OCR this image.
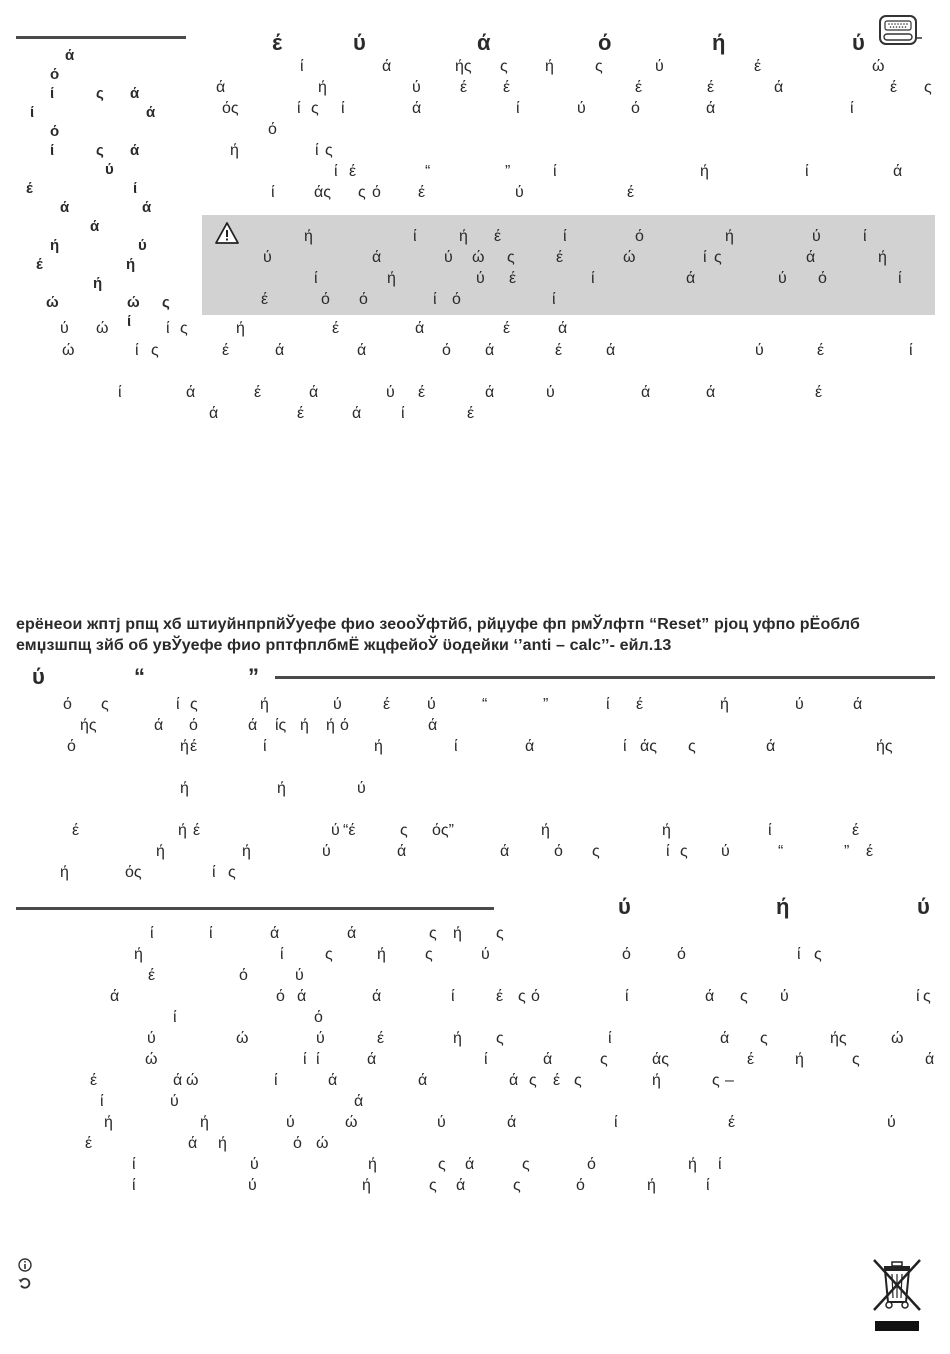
έ	ύ	ά	ό	ή	ύ
ά
ό
ί	ς ά
ί	ά
ό
ί	ς ά
ύ
έ	ί
ά	ά
ά
ή	ύ
έ	ή
ή
ώ	ώ ς
ί
ί	ά	ής ς ή	ς	ύ	έ	ώ
ά	ή	ύ έ έ	έ	έ	ά	έ ς
ός	ί ς ί	ά	ί	ύ	ό	ά	ί
ό
ή	ί ς
ί έ	“	”	ί	ή	ί	ά
ί άς ς ό έ	ύ	έ
ή	ί	ή έ	ί	ό	ή	ύ	ί
ύ	ά	ύ ώ ς	έ	ώ	ί ς	ά	ή
ί	ή	ύ έ	ί	ά	ύ ό	ί
έ	ό ό	ί ό	ί
ύ ώ	ί ς	ή	έ	ά	έ	ά
ώ	ί ς	έ	ά	ά	ό ά	έ	ά	ύ	έ	ί
ί	ά	έ	ά	ύ έ	ά	ύ	ά	ά	έ
ά	έ	ά ί	έ
ерёнеои жптј рпщ хб штиуйнпрпйЎуефе фио зеооЎфтйб, рйџуфе фп рмЎлфтп “Reset” рјоц уфпо рЁоблб
емџзшпщ зйб об увЎуефе фио рптфплбмЁ жцфейоЎ ϋодейки ‘’anti – calc’’- ейл.13
ύ	“	”
ό ς	ί ς	ή	ύ	έ ύ	“	”	ί έ	ή	ύ	ά
ής	ά ό	ά ίς ή ή ό	ά
ό	ή έ	ί	ή	ί	ά	ί άς ς	ά	ής
ή	ή	ύ
έ	ή έ	ύ “έ	ς ός”	ή	ή	ί	έ
ή	ή	ύ	ά	ά	ό ς	ί ς ύ	“	” έ
ή	ός	ί ς
ύ	ή	ύ
ί	ί	ά	ά	ς ή ς
ή	ί	ς	ή ς	ύ	ό	ό	ί ς
έ	ό	ύ
ά	ό ά	ά	ί	έ ς ό	ί	ά ς ύ	ί ς
ί	ό
ύ	ώ	ύ	έ	ή ς	ί	ά ς	ής	ώ
ώ	ί ί	ά	ί	ά	ς	άς	έ	ή	ς	ά
έ	ά ώ	ί	ά	ά	ά ς έ ς	ή	ς –
ί	ύ	ά
ή	ή	ύ	ώ	ύ	ά	ί	έ	ύ
έ	ά ή	ό ώ
ί	ύ	ή	ς ά	ς	ό	ή ί
ί	ύ	ή	ς ά	ς	ό	ή	ί
